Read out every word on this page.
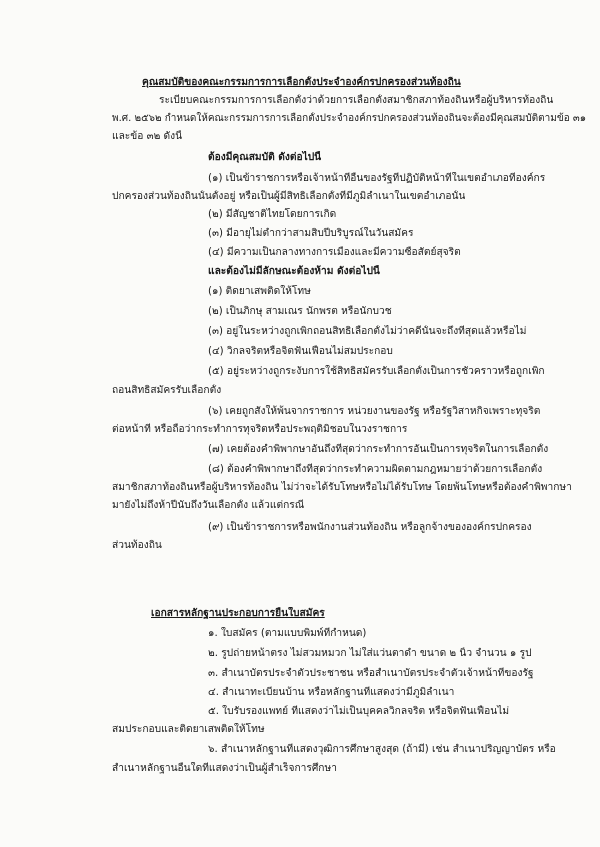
คุณสมบัติของคณะกรรมการการเลือกตั้งประจำองค์กรปกครองส่วนท้องถิ่น
ระเบียบคณะกรรมการการเลือกตั้งว่าด้วยการเลือกตั้งสมาชิกสภาท้องถิ่นหรือผู้บริหารท้องถิ่น
พ.ศ. ๒๕๖๒ กำหนดให้คณะกรรมการการเลือกตั้งประจำองค์กรปกครองส่วนท้องถิ่นจะต้องมีคุณสมบัติตามข้อ ๓๑
และข้อ ๓๒ ดังนี้
ต้องมีคุณสมบัติ ดังต่อไปนี้
(๑) เป็นข้าราชการหรือเจ้าหน้าที่อื่นของรัฐที่ปฏิบัติหน้าที่ในเขตอำเภอที่องค์กร
ปกครองส่วนท้องถิ่นนั้นตั้งอยู่ หรือเป็นผู้มีสิทธิเลือกตั้งที่มีภูมิลำเนาในเขตอำเภอนั้น
(๒) มีสัญชาติไทยโดยการเกิด
(๓) มีอายุไม่ต่ำกว่าสามสิบปีบริบูรณ์ในวันสมัคร
(๔) มีความเป็นกลางทางการเมืองและมีความซื่อสัตย์สุจริต
และต้องไม่มีลักษณะต้องห้าม ดังต่อไปนี้
(๑) ติดยาเสพติดให้โทษ
(๒) เป็นภิกษุ สามเณร นักพรต หรือนักบวช
(๓) อยู่ในระหว่างถูกเพิกถอนสิทธิเลือกตั้งไม่ว่าคดีนั้นจะถึงที่สุดแล้วหรือไม่
(๔) วิกลจริตหรือจิตฟั่นเฟือนไม่สมประกอบ
(๕) อยู่ระหว่างถูกระงับการใช้สิทธิสมัครรับเลือกตั้งเป็นการชั่วคราวหรือถูกเพิก
ถอนสิทธิสมัครรับเลือกตั้ง
(๖) เคยถูกสั่งให้พ้นจากราชการ หน่วยงานของรัฐ หรือรัฐวิสาหกิจเพราะทุจริต
ต่อหน้าที่ หรือถือว่ากระทำการทุจริตหรือประพฤติมิชอบในวงราชการ
(๗) เคยต้องคำพิพากษาอันถึงที่สุดว่ากระทำการอันเป็นการทุจริตในการเลือกตั้ง
(๘) ต้องคำพิพากษาถึงที่สุดว่ากระทำความผิดตามกฎหมายว่าด้วยการเลือกตั้ง
สมาชิกสภาท้องถิ่นหรือผู้บริหารท้องถิ่น ไม่ว่าจะได้รับโทษหรือไม่ได้รับโทษ โดยพ้นโทษหรือต้องคำพิพากษา
มายังไม่ถึงห้าปีนับถึงวันเลือกตั้ง แล้วแต่กรณี
(๙) เป็นข้าราชการหรือพนักงานส่วนท้องถิ่น หรือลูกจ้างขององค์กรปกครอง
ส่วนท้องถิ่น
เอกสารหลักฐานประกอบการยื่นใบสมัคร
๑. ใบสมัคร (ตามแบบพิมพ์ที่กำหนด)
๒. รูปถ่ายหน้าตรง ไม่สวมหมวก ไม่ใส่แว่นตาดำ ขนาด ๒ นิ้ว จำนวน ๑ รูป
๓. สำเนาบัตรประจำตัวประชาชน หรือสำเนาบัตรประจำตัวเจ้าหน้าที่ของรัฐ
๔. สำเนาทะเบียนบ้าน หรือหลักฐานที่แสดงว่ามีภูมิลำเนา
๕. ใบรับรองแพทย์ ที่แสดงว่าไม่เป็นบุคคลวิกลจริต หรือจิตฟั่นเฟือนไม่
สมประกอบและติดยาเสพติดให้โทษ
๖. สำเนาหลักฐานที่แสดงวุฒิการศึกษาสูงสุด (ถ้ามี) เช่น สำเนาปริญญาบัตร หรือ
สำเนาหลักฐานอื่นใดที่แสดงว่าเป็นผู้สำเร็จการศึกษา
